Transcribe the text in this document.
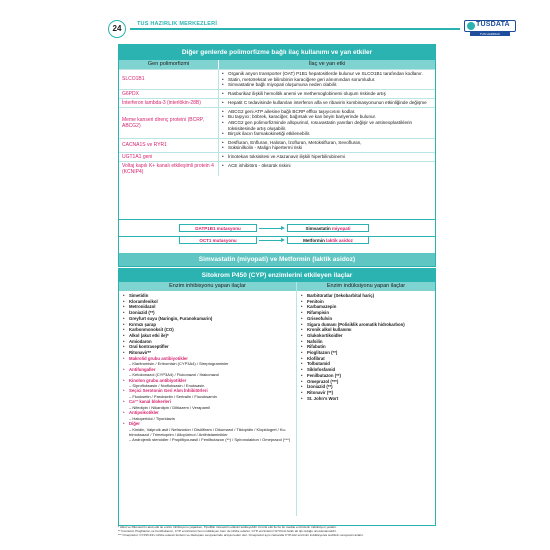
24	TUS HAZIRLIK MERKEZLERİ	TUSDATA
TUS HAZIRLIK MERKEZLERİ
Diğer genlerde polimorfizme bağlı ilaç kullanımı ve yan etkiler
Gen polimorfizmi	İlaç ve yan etki
SLCO1B1
• Organik anyon transporter (OAT) P1B1 hepatositlerde bulunur ve SLCO1B1 tarafından kodlanır.
• Statin, metotreksat ve bilirubinin karaciğere geri alınımından sorumludur.
• Simvastatine bağlı miyopati oluşumuna neden olabilir.
G6PDX	• Rasburikaz ilişkili hemolitik anemi ve methemoglobinemi oluşum riskinde artış
İnterferon lambda-3 (interlökin-28B)	• Hepatit C tedavisinde kullanılan interferon alfa ve ribavirin kombinasyonunun etkinliğinde değişme
Meme kanseri direnç proteini (BCRP, ABCG2)
• ABCG2 geni ATP ailesine bağlı BCRP efflüx taşıyıcısını kodlar.
• Bu taşıyıcı; böbrek, karaciğer, bağırsak ve kan beyin bariyerinde bulunur.
• ABCG2 gen polimorfizminde allopurinol, rosuvastatin yanıtları değişir ve antineoplastiklerin toksisitesinde artış oluşabilir.
• Birçok ilacın farmakokinetiği etkilenebilir.
CACNA1S ve RYR1
• Desfluran, Enfluran, Halotan, İzofluran, Metoksifluran, Sevofluran,
• Süksinilkolin - Malign hipertermi riski
UGT1A1 geni	• İrinotekan toksisitesi ve Atazanavir ilişkili hiperbilirubinemi
Voltaj kapılı K+ kanalı etkileşimli protein 4 (KCNIP4)
• ACE inhibitörü - öksürük riskini
DATP1B1 mutasyonu
OCT1 mutasyonu
Simvastatin miyopati
Metformin laktik asidoz
Simvastatin (miyopati) ve Metformin (laktik asidoz)
Sitokrom P450 (CYP) enzimlerini etkileyen ilaçlar
Enzim inhibisyonu yapan ilaçlar
• Simetidin
• Kloramfenikol
• Metronidazol
• İzoniazid (**)
• Greyfurt suyu (Naringin, Furanokumarin)
• Kırmızı şarap
• Karbonmonoksit (CO)
• Alkol (akut etki ile)*
• Amiodaron
• Oral kontraseptifler
• Ritonavir**
• Makrolid grubu antibiyotikler
– Klaritromisin / Eritromisin (CYP3A4) / Streptograminler
• Antifungaller
– Ketokonazol (CYP3A4) / Flukonazol / İtrakonazol
• Kinolon grubu antibiyotikler
– Siprofloksasin / Norfloksasin / Enoksasin
• Seçici Serotonin Geri Alım İnhibitörleri
– Fluoksetin / Paroksetin / Sertralin / Fluvoksamin
• Ca²⁺ kanal blokerleri
– Nifedipin / Nikardipin / Diltiazem / Verapamil
• Antipsikotikler
– Haloperidol / Tiyoridazin
• Diğer
– Kinidin, Valproik asit / Nefazodon / Disülfiram / Dikumarol / Tiklopidin / Klopidogrel / Ko-trimoksazol / Trimetoprim / Allopürinol / Antihistaminikler
– Androjenik steroidler / Propiltiyourasil / Fenilbutazon (**) / Spironolakton / Omeprazol (***)
Enzim indüksiyonu yapan ilaçlar
• Barbitüratlar (Sekobarbital hariç)
• Fenitoin
• Karbamazepin
• Rifampisin
• Griseofulvin
• Sigara dumanı (Polisiklik aromatik hidrokarbon)
• Kronik alkol kullanımı
• Glukokortikoidler
• Nafsilin
• Rifabutin
• Pioglitazon (**)
• Klofibrat
• Tolbutamid
• Siklofosfamid
• Fenilbutazon (**)
• Omeprazol (***)
• İzoniazid (**)
• Ritonavir (**)
• St. John's Wort

* Alkol ve Ritonavir'in akut etki ile enzim inhibisyonu yaparken, Tipoflitin ritonavirin etkisini tetikleyebilir. Kronik etki ile bu iki madde enzimlerin indüksiyon yarattır.

** İzoniazid, Pioglitazon ve Fenilbutazon, CYP enzimlerini hem indükleyen hem de inhibe ederler. CYP enzimlerini %73'ünü farklı alt tipi olduğu unutulmamalıdır.

*** Omeprazol, CYP2C19'u inhibe ederek fenitoin ve diazepam seviyelerinde artışa neden olur. Omeprazol aynı zamanda CYP1A2 enzimini indükleyerek teofilinin seviyesini azaltır.
